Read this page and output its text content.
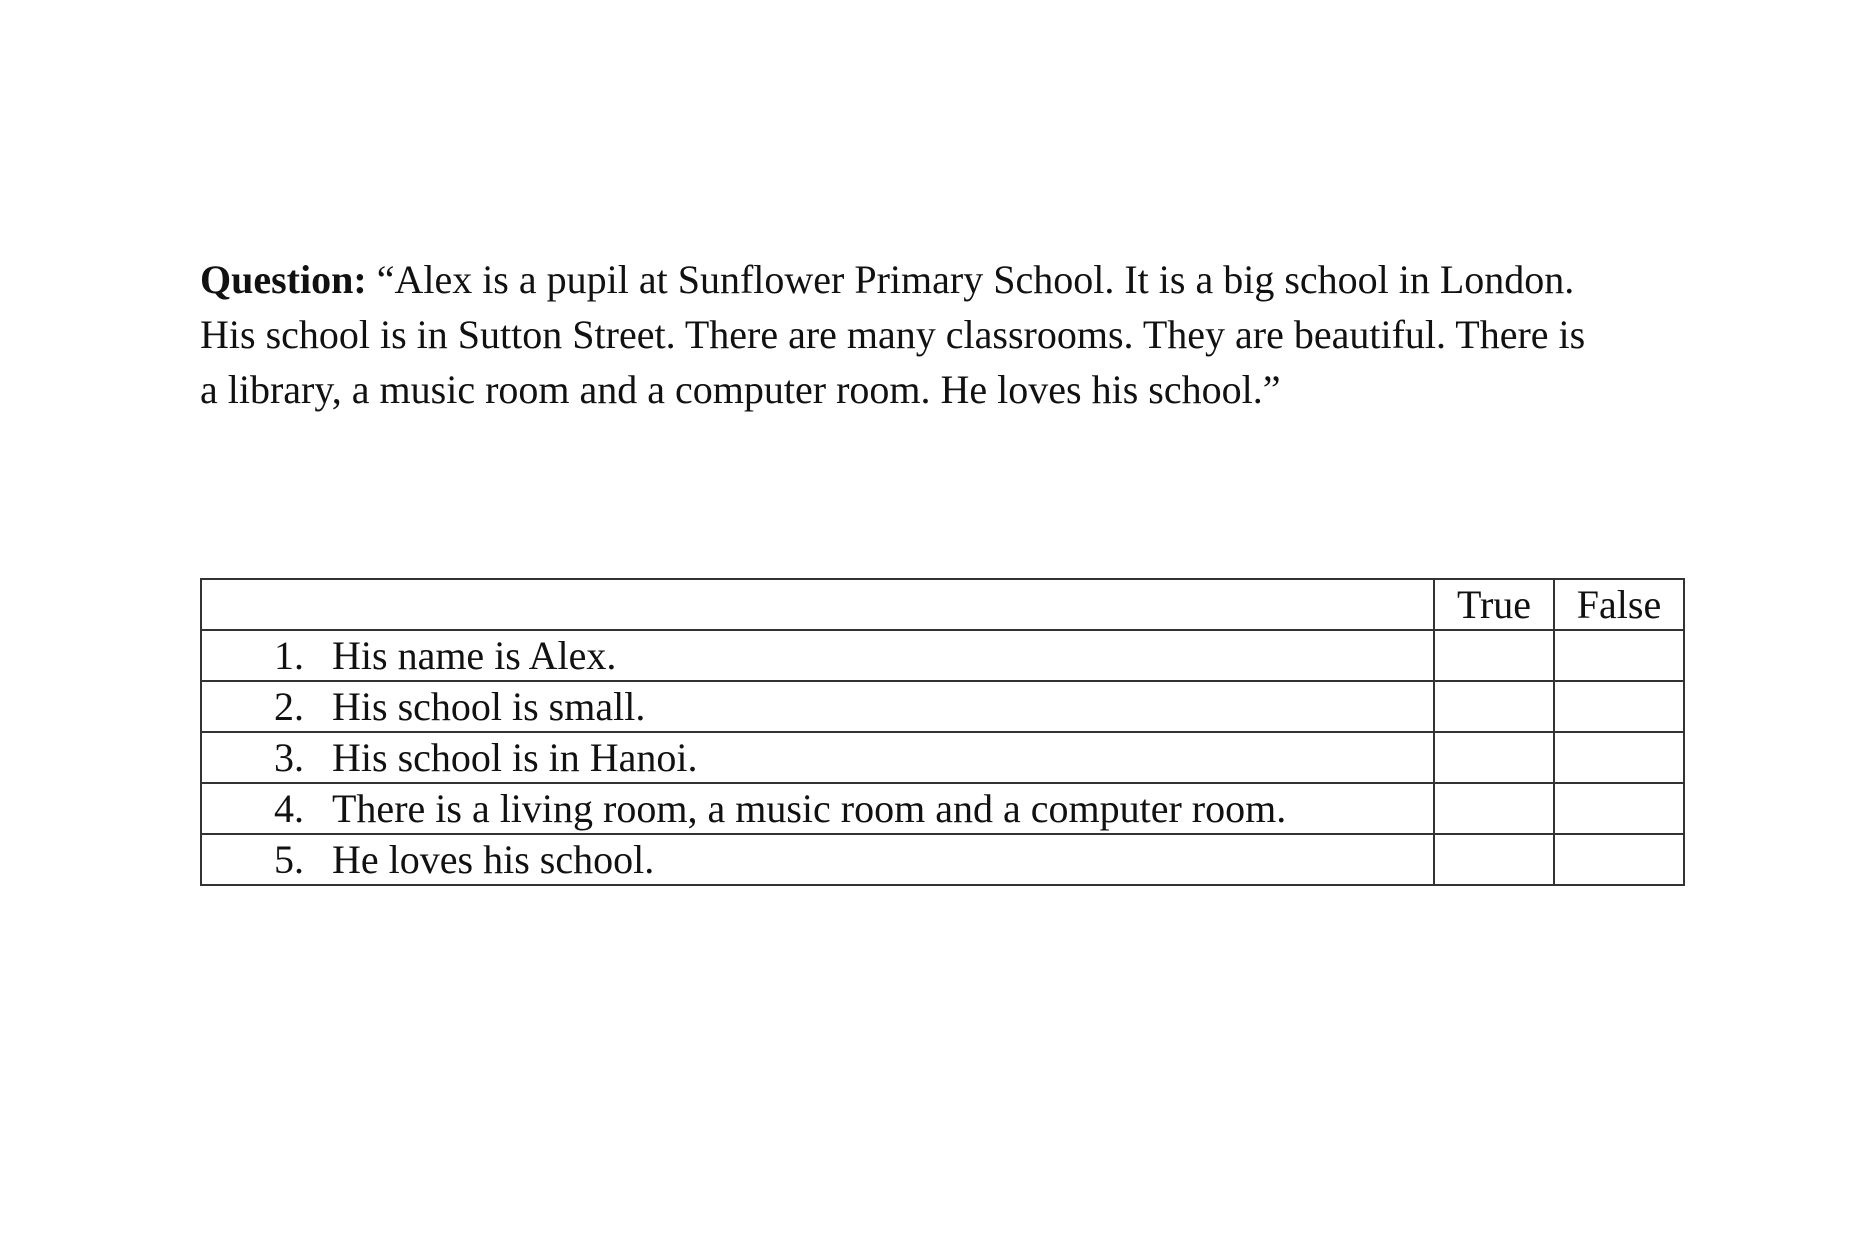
Question: “Alex is a pupil at Sunflower Primary School. It is a big school in London. His school is in Sutton Street. There are many classrooms. They are beautiful. There is a library, a music room and a computer room. He loves his school.”

	True	False
1. His name is Alex.		
2. His school is small.		
3. His school is in Hanoi.		
4. There is a living room, a music room and a computer room.		
5. He loves his school.		
